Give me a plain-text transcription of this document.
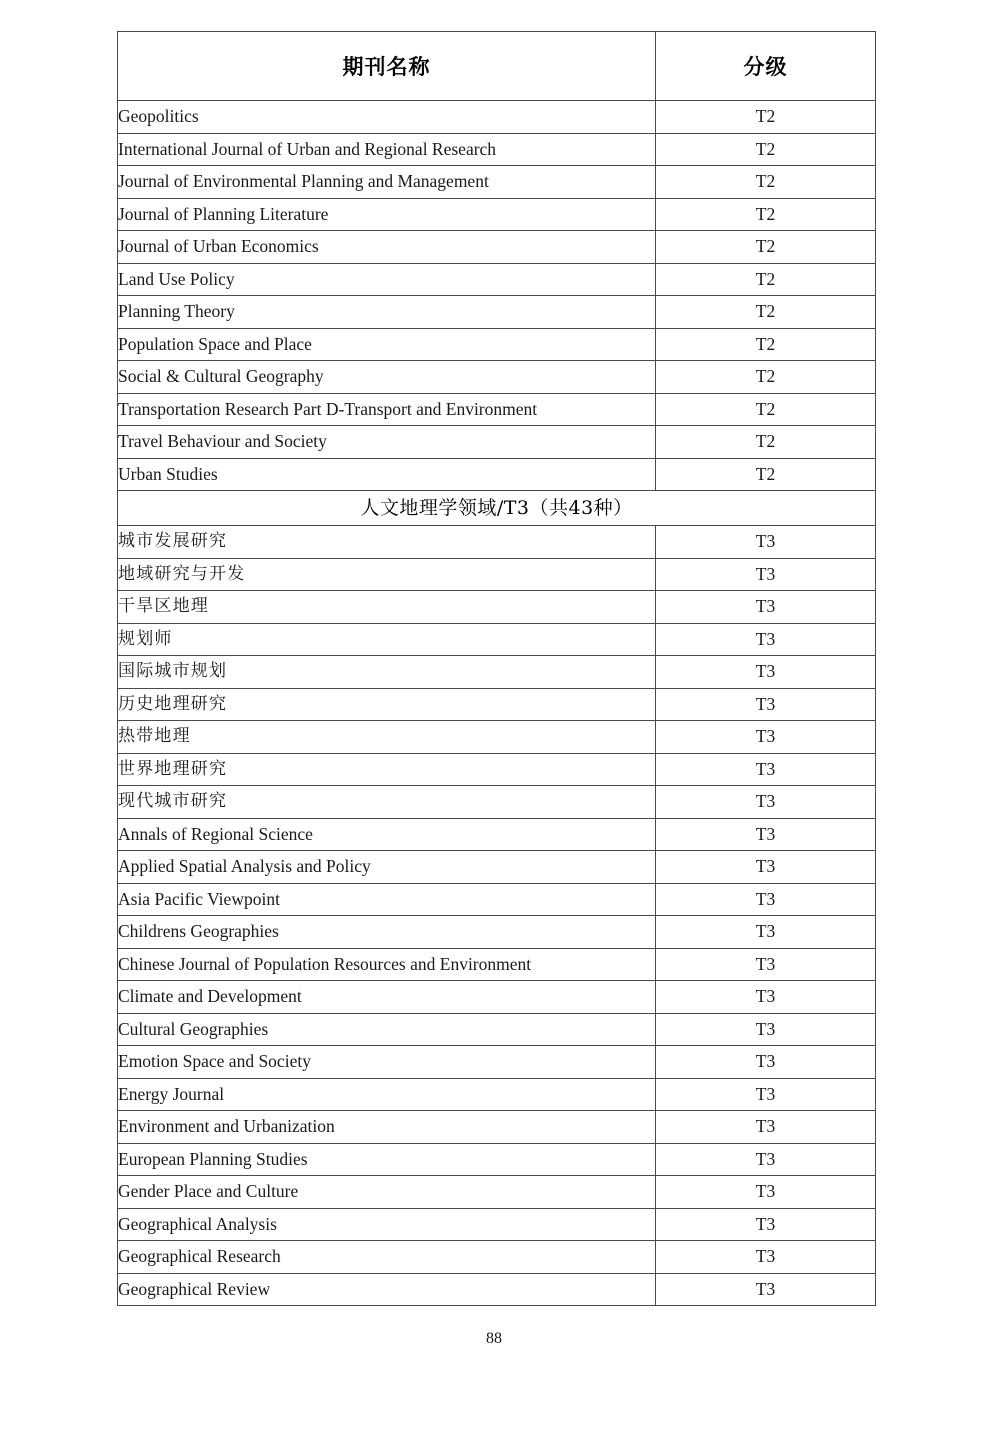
期刊名称	分级
Geopolitics	T2
International Journal of Urban and Regional Research	T2
Journal of Environmental Planning and Management	T2
Journal of Planning Literature	T2
Journal of Urban Economics	T2
Land Use Policy	T2
Planning Theory	T2
Population Space and Place	T2
Social & Cultural Geography	T2
Transportation Research Part D-Transport and Environment	T2
Travel Behaviour and Society	T2
Urban Studies	T2
人文地理学领域/T3（共43种）	
城市发展研究	T3
地域研究与开发	T3
干旱区地理	T3
规划师	T3
国际城市规划	T3
历史地理研究	T3
热带地理	T3
世界地理研究	T3
现代城市研究	T3
Annals of Regional Science	T3
Applied Spatial Analysis and Policy	T3
Asia Pacific Viewpoint	T3
Childrens Geographies	T3
Chinese Journal of Population Resources and Environment	T3
Climate and Development	T3
Cultural Geographies	T3
Emotion Space and Society	T3
Energy Journal	T3
Environment and Urbanization	T3
European Planning Studies	T3
Gender Place and Culture	T3
Geographical Analysis	T3
Geographical Research	T3
Geographical Review	T3
88
